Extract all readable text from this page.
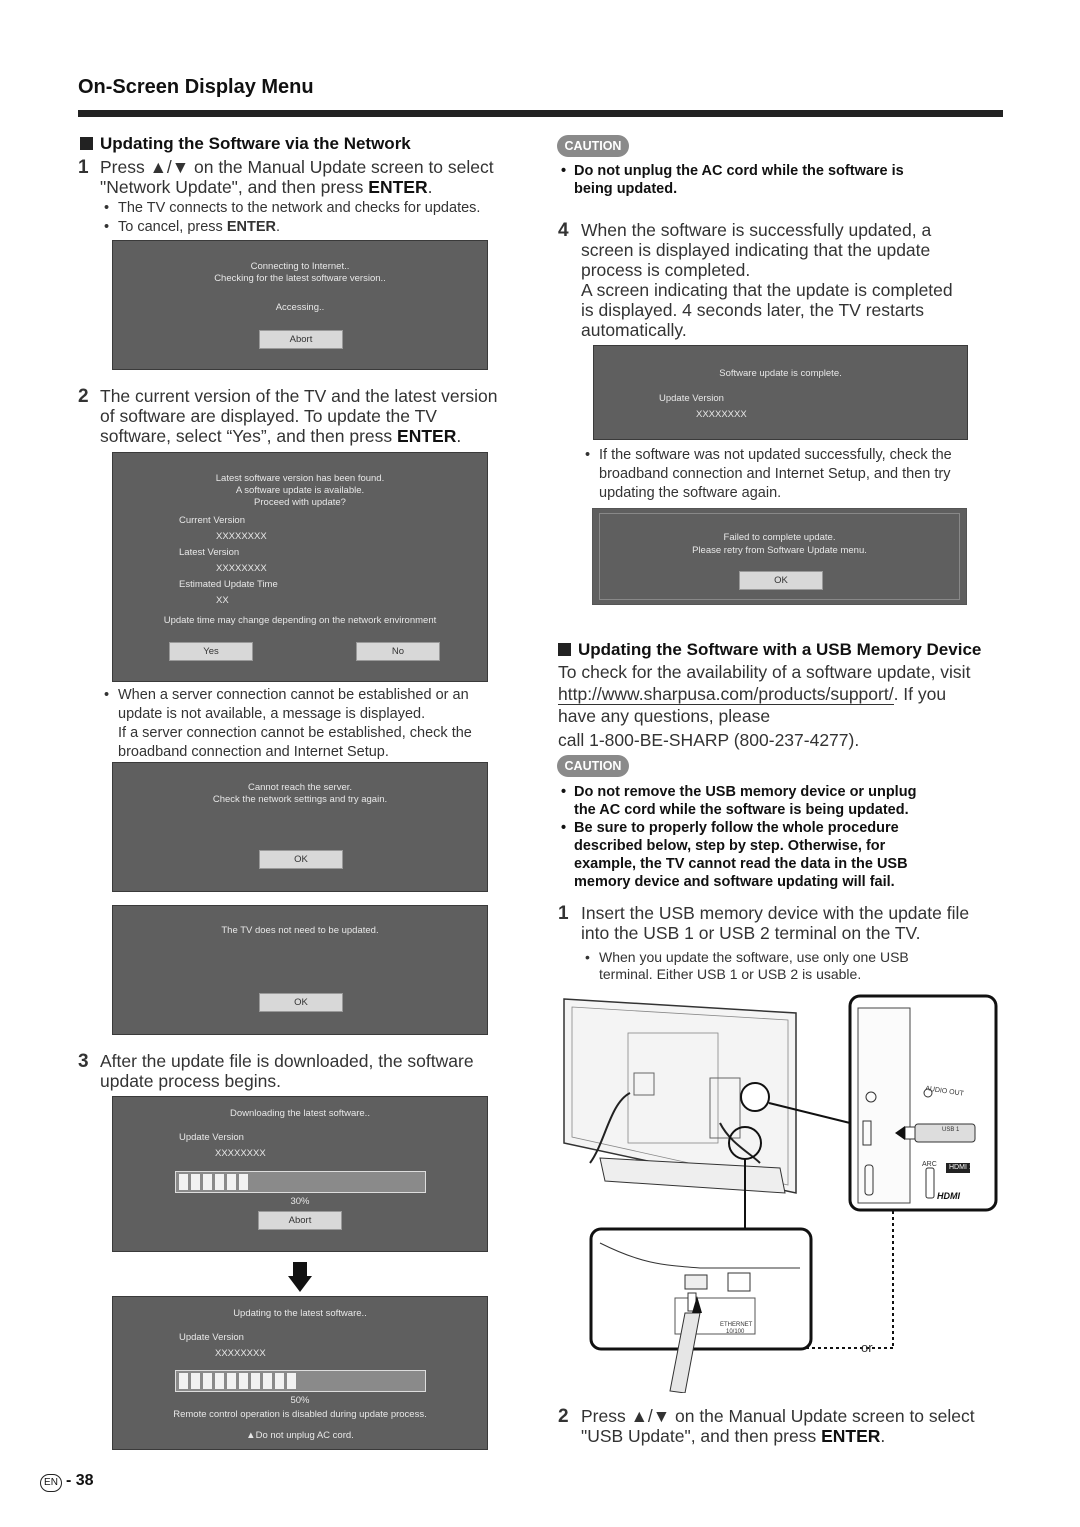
On-Screen Display Menu
Updating the Software via the Network
1 Press ▲/▼ on the Manual Update screen to select
"Network Update", and then press ENTER.
• The TV connects to the network and checks for updates.
• To cancel, press ENTER.
Connecting to Internet..
Checking for the latest software version..
Accessing..
Abort
2 The current version of the TV and the latest version
of software are displayed. To update the TV
software, select “Yes”, and then press ENTER.
Latest software version has been found.
A software update is available.
Proceed with update?
Current Version
XXXXXXXX
Latest Version
XXXXXXXX
Estimated Update Time
XX
Update time may change depending on the network environment
Yes	No
• When a server connection cannot be established or an
update is not available, a message is displayed.
If a server connection cannot be established, check the
broadband connection and Internet Setup.
Cannot reach the server.
Check the network settings and try again.
OK
The TV does not need to be updated.
OK
3 After the update file is downloaded, the software
update process begins.
Downloading the latest software..
Update Version
XXXXXXXX
30%
Abort
Updating to the latest software..
Update Version
XXXXXXXX
50%
Remote control operation is disabled during update process.
▲Do not unplug AC cord.
CAUTION
• Do not unplug the AC cord while the software is
being updated.
4 When the software is successfully updated, a
screen is displayed indicating that the update
process is completed.
A screen indicating that the update is completed
is displayed. 4 seconds later, the TV restarts
automatically.
Software update is complete.
Update Version
XXXXXXXX
• If the software was not updated successfully, check the
broadband connection and Internet Setup, and then try
updating the software again.
Failed to complete update.
Please retry from Software Update menu.
OK
Updating the Software with a USB Memory Device
To check for the availability of a software update, visit
http://www.sharpusa.com/products/support/. If you
have any questions, please
call 1-800-BE-SHARP (800-237-4277).
CAUTION
• Do not remove the USB memory device or unplug
the AC cord while the software is being updated.
• Be sure to properly follow the whole procedure
described below, step by step. Otherwise, for
example, the TV cannot read the data in the USB
memory device and software updating will fail.
1 Insert the USB memory device with the update file
into the USB 1 or USB 2 terminal on the TV.
• When you update the software, use only one USB
terminal. Either USB 1 or USB 2 is usable.
AUDIO OUT
USB 1
ARC HDMI 1
HDMI
ETHERNET
10/100
or
2 Press ▲/▼ on the Manual Update screen to select
"USB Update", and then press ENTER.
EN - 38
